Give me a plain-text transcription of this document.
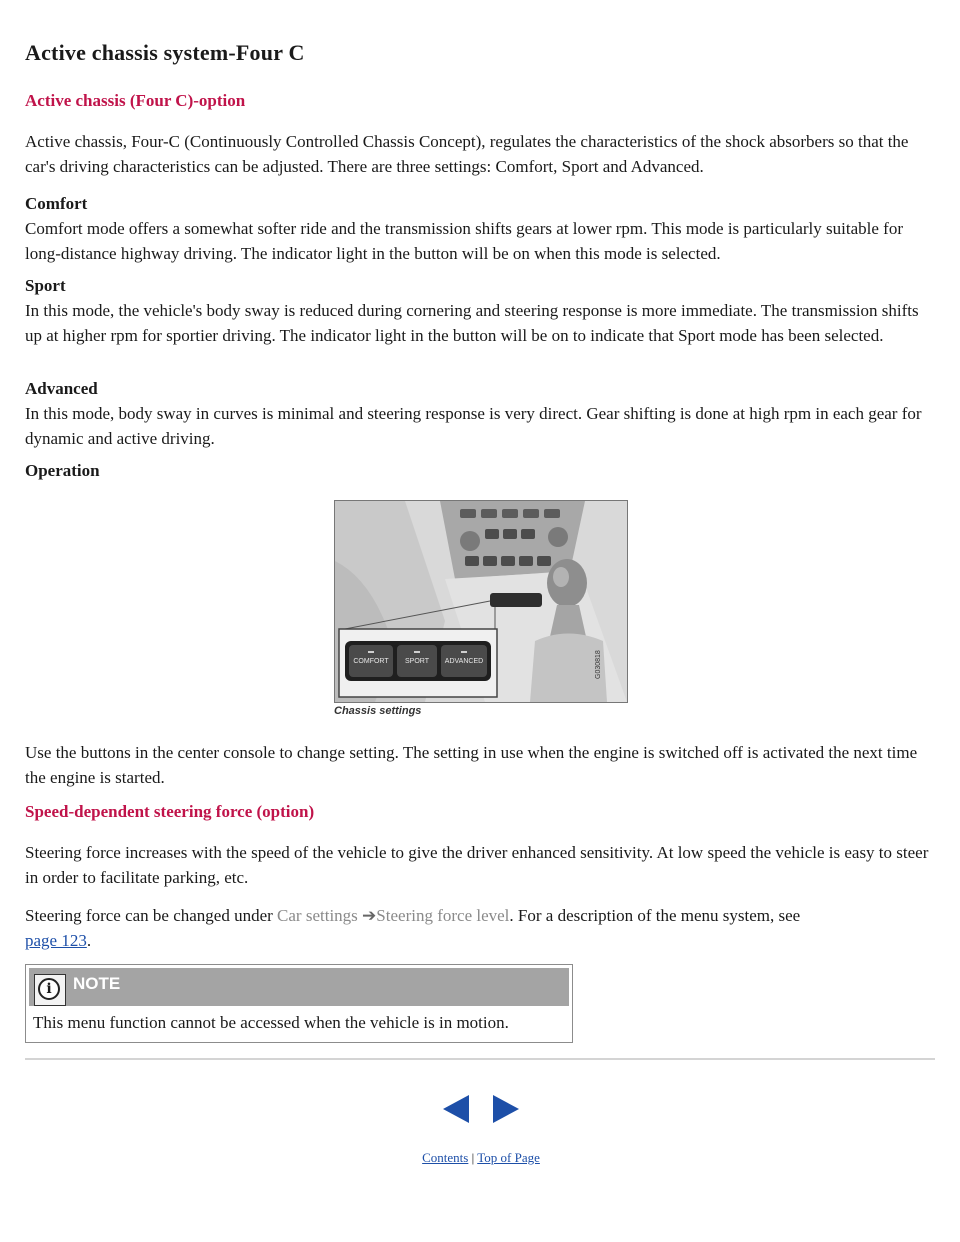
Active chassis system-Four C
Active chassis (Four C)-option

Active chassis, Four-C (Continuously Controlled Chassis Concept), regulates the characteristics of the shock absorbers so that the car's driving characteristics can be adjusted. There are three settings: Comfort, Sport and Advanced.

Comfort
Comfort mode offers a somewhat softer ride and the transmission shifts gears at lower rpm. This mode is particularly suitable for long-distance highway driving. The indicator light in the button will be on when this mode is selected.
Sport
In this mode, the vehicle's body sway is reduced during cornering and steering response is more immediate. The transmission shifts up at higher rpm for sportier driving. The indicator light in the button will be on to indicate that Sport mode has been selected.
Advanced
In this mode, body sway in curves is minimal and steering response is very direct. Gear shifting is done at high rpm in each gear for dynamic and active driving.

Operation

COMFORT	SPORT	ADVANCED	G030818

Chassis settings

Use the buttons in the center console to change setting. The setting in use when the engine is switched off is activated the next time the engine is started.

Speed-dependent steering force (option)

Steering force increases with the speed of the vehicle to give the driver enhanced sensitivity. At low speed the vehicle is easy to steer in order to facilitate parking, etc.

Steering force can be changed under Car settings ➔Steering force level. For a description of the menu system, see
page 123.

i	NOTE

This menu function cannot be accessed when the vehicle is in motion.

Contents | Top of Page
